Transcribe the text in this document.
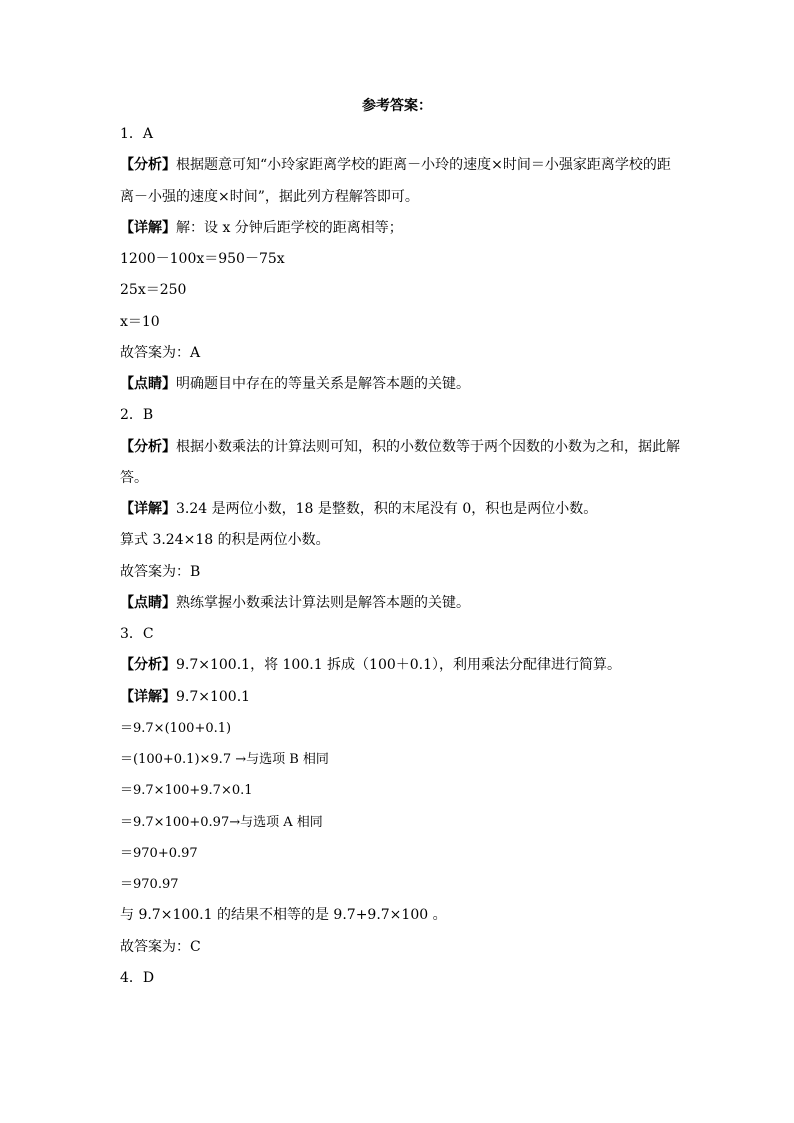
参考答案：
1．A
【分析】根据题意可知“小玲家距离学校的距离－小玲的速度×时间＝小强家距离学校的距离－小强的速度×时间”，据此列方程解答即可。
【详解】解：设 x 分钟后距学校的距离相等；
1200－100x＝950－75x
25x＝250
x＝10
故答案为：A
【点睛】明确题目中存在的等量关系是解答本题的关键。
2．B
【分析】根据小数乘法的计算法则可知，积的小数位数等于两个因数的小数为之和，据此解答。
【详解】3.24 是两位小数，18 是整数，积的末尾没有 0，积也是两位小数。
算式 3.24×18 的积是两位小数。
故答案为：B
【点睛】熟练掌握小数乘法计算法则是解答本题的关键。
3．C
【分析】9.7×100.1，将 100.1 拆成（100＋0.1），利用乘法分配律进行简算。
【详解】9.7×100.1
＝9.7×(100+0.1)
＝(100+0.1)×9.7 →与选项 B 相同
＝9.7×100+9.7×0.1
＝9.7×100+0.97→与选项 A 相同
＝970+0.97
＝970.97
与 9.7×100.1 的结果不相等的是 9.7+9.7×100 。
故答案为：C
4．D
